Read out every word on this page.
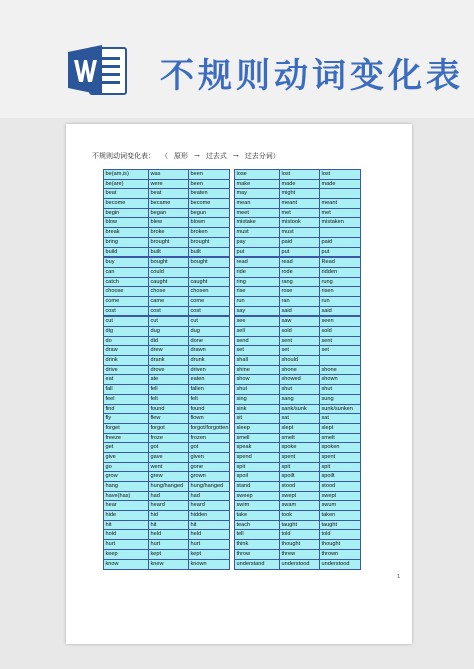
不规则动词变化表
不规则动词变化表： （ 原形 → 过去式 → 过去分词）
be(am,is)	was	been
be(are)	were	been
beat	beat	beaten
become	became	become
begin	began	begun
blow	blew	blown
break	broke	broken
bring	brought	brought
build	built	built
buy	bought	bought
can	could
catch	caught	caught
choose	chose	chosen
come	came	come
cost	cost	cost
cut	cut	cut
dig	dug	dug
do	did	done
draw	drew	drawn
drink	drank	drunk
drive	drove	driven
eat	ate	eaten
fall	fell	fallen
feel	felt	felt
find	found	found
fly	flew	flown
forget	forgot	forgot/forgotten
freeze	froze	frozen
get	got	got
give	gave	given
go	went	gone
grow	grew	grown
hang	hung/hanged	hung/hanged
have(has)	had	had
hear	heard	heard
hide	hid	hidden
hit	hit	hit
hold	held	held
hurt	hurt	hurt
keep	kept	kept
know	knew	known
lose	lost	lost
make	made	made
may	might
mean	meant	meant
meet	met	met
mistake	mistook	mistaken
must	must
pay	paid	paid
put	put	put
read	read	Read
ride	rode	ridden
ring	rang	rung
rise	rose	risen
run	ran	run
say	said	said
see	saw	seen
sell	sold	sold
send	sent	sent
set	set	set
shall	should
shine	shone	shone
show	showed	shown
shut	shut	shut
sing	sang	sung
sink	sank/sunk	sunk/sunken
sit	sat	sat
sleep	slept	slept
smell	smelt	smelt
speak	spoke	spoken
spend	spent	spent
spit	spit	spit
spoil	spoilt	spoilt
stand	stood	stood
sweep	swept	swept
swim	swam	swum
take	took	taken
teach	taught	taught
tell	told	told
think	thought	thought
throw	threw	thrown
understand	understood	understood
1
